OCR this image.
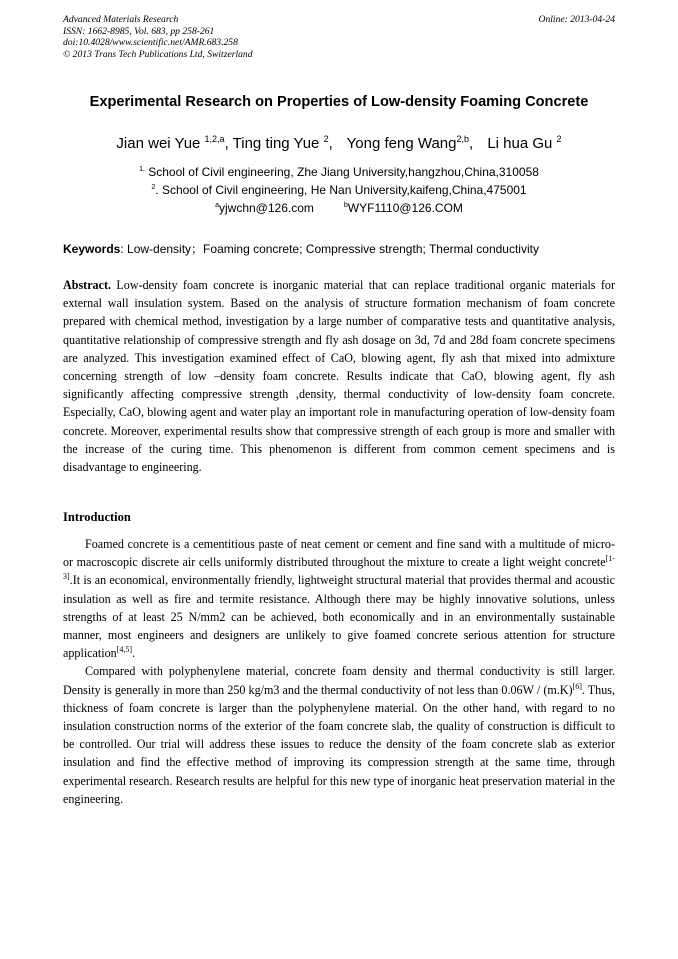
Advanced Materials Research
ISSN: 1662-8985, Vol. 683, pp 258-261
doi:10.4028/www.scientific.net/AMR.683.258
© 2013 Trans Tech Publications Ltd, Switzerland
Online: 2013-04-24
Experimental Research on Properties of Low-density Foaming Concrete
Jian wei Yue $^{1,2,a}$, Ting ting Yue $^2$, Yong feng Wang$^{2,b}$, Li hua Gu $^2$
$^{1.}$ School of Civil engineering, Zhe Jiang University,hangzhou,China,310058
$^2$. School of Civil engineering, He Nan University,kaifeng,China,475001
$^a$yjwchn@126.com	$^b$WYF1110@126.COM
Keywords: Low-density；Foaming concrete; Compressive strength; Thermal conductivity

Abstract. Low-density foam concrete is inorganic material that can replace traditional organic materials for external wall insulation system. Based on the analysis of structure formation mechanism of foam concrete prepared with chemical method, investigation by a large number of comparative tests and quantitative analysis, quantitative relationship of compressive strength and fly ash dosage on 3d, 7d and 28d foam concrete specimens are analyzed. This investigation examined effect of CaO, blowing agent, fly ash that mixed into admixture concerning strength of low –density foam concrete. Results indicate that CaO, blowing agent, fly ash significantly affecting compressive strength ,density, thermal conductivity of low-density foam concrete. Especially, CaO, blowing agent and water play an important role in manufacturing operation of low-density foam concrete. Moreover, experimental results show that compressive strength of each group is more and smaller with the increase of the curing time. This phenomenon is different from common cement specimens and is disadvantage to engineering.

Introduction

Foamed concrete is a cementitious paste of neat cement or cement and fine sand with a multitude of micro- or macroscopic discrete air cells uniformly distributed throughout the mixture to create a light weight concrete[1-3].It is an economical, environmentally friendly, lightweight structural material that provides thermal and acoustic insulation as well as fire and termite resistance. Although there may be highly innovative solutions, unless strengths of at least 25 N/mm2 can be achieved, both economically and in an environmentally sustainable manner, most engineers and designers are unlikely to give foamed concrete serious attention for structure application[4,5].

Compared with polyphenylene material, concrete foam density and thermal conductivity is still larger. Density is generally in more than 250 kg/m3 and the thermal conductivity of not less than 0.06W / (m.K)[6]. Thus, thickness of foam concrete is larger than the polyphenylene material. On the other hand, with regard to no insulation construction norms of the exterior of the foam concrete slab, the quality of construction is difficult to be controlled. Our trial will address these issues to reduce the density of the foam concrete slab as exterior insulation and find the effective method of improving its compression strength at the same time, through experimental research. Research results are helpful for this new type of inorganic heat preservation material in the engineering.
